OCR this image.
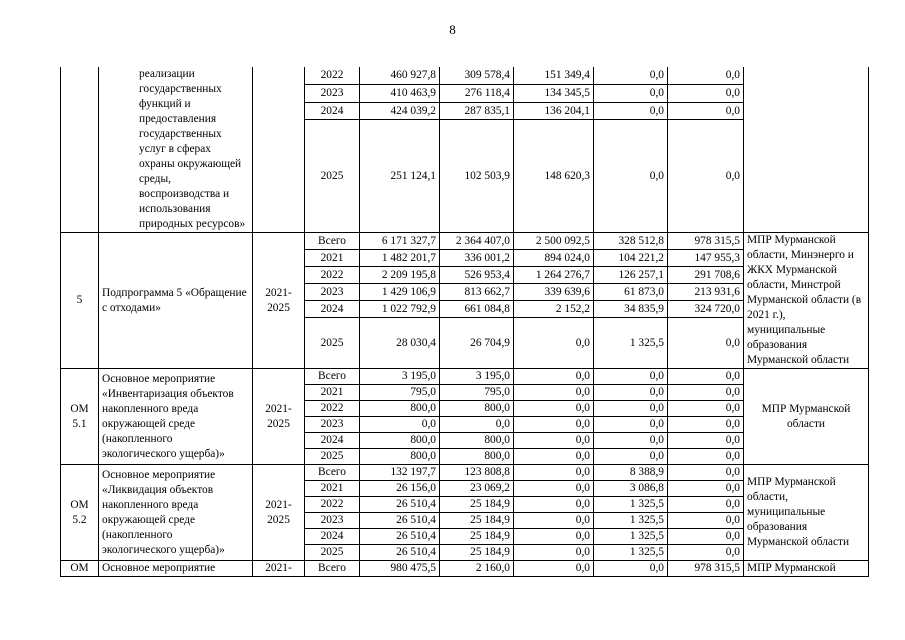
8
	реализации государственных функций и предоставления государственных услуг в сферах охраны окружающей среды, воспроизводства и использования природных ресурсов»		2022	460 927,8	309 578,4	151 349,4	0,0	0,0	
			2023	410 463,9	276 118,4	134 345,5	0,0	0,0	
			2024	424 039,2	287 835,1	136 204,1	0,0	0,0	
			2025	251 124,1	102 503,9	148 620,3	0,0	0,0	
5	Подпрограмма 5 «Обращение с отходами»	2021-2025	Всего	6 171 327,7	2 364 407,0	2 500 092,5	328 512,8	978 315,5	МПР Мурманской области, Минэнерго и ЖКХ Мурманской области, Минстрой Мурманской области (в 2021 г.), муниципальные образования Мурманской области
			2021	1 482 201,7	336 001,2	894 024,0	104 221,2	147 955,3	
			2022	2 209 195,8	526 953,4	1 264 276,7	126 257,1	291 708,6	
			2023	1 429 106,9	813 662,7	339 639,6	61 873,0	213 931,6	
			2024	1 022 792,9	661 084,8	2 152,2	34 835,9	324 720,0	
			2025	28 030,4	26 704,9	0,0	1 325,5	0,0	
ОМ 5.1	Основное мероприятие «Инвентаризация объектов накопленного вреда окружающей среде (накопленного экологического ущерба)»	2021-2025	Всего	3 195,0	3 195,0	0,0	0,0	0,0	МПР Мурманской области
			2021	795,0	795,0	0,0	0,0	0,0	
			2022	800,0	800,0	0,0	0,0	0,0	
			2023	0,0	0,0	0,0	0,0	0,0	
			2024	800,0	800,0	0,0	0,0	0,0	
			2025	800,0	800,0	0,0	0,0	0,0	
ОМ 5.2	Основное мероприятие «Ликвидация объектов накопленного вреда окружающей среде (накопленного экологического ущерба)»	2021-2025	Всего	132 197,7	123 808,8	0,0	8 388,9	0,0	МПР Мурманской области, муниципальные образования Мурманской области
			2021	26 156,0	23 069,2	0,0	3 086,8	0,0	
			2022	26 510,4	25 184,9	0,0	1 325,5	0,0	
			2023	26 510,4	25 184,9	0,0	1 325,5	0,0	
			2024	26 510,4	25 184,9	0,0	1 325,5	0,0	
			2025	26 510,4	25 184,9	0,0	1 325,5	0,0	
ОМ	Основное мероприятие	2021-	Всего	980 475,5	2 160,0	0,0	0,0	978 315,5	МПР Мурманской
